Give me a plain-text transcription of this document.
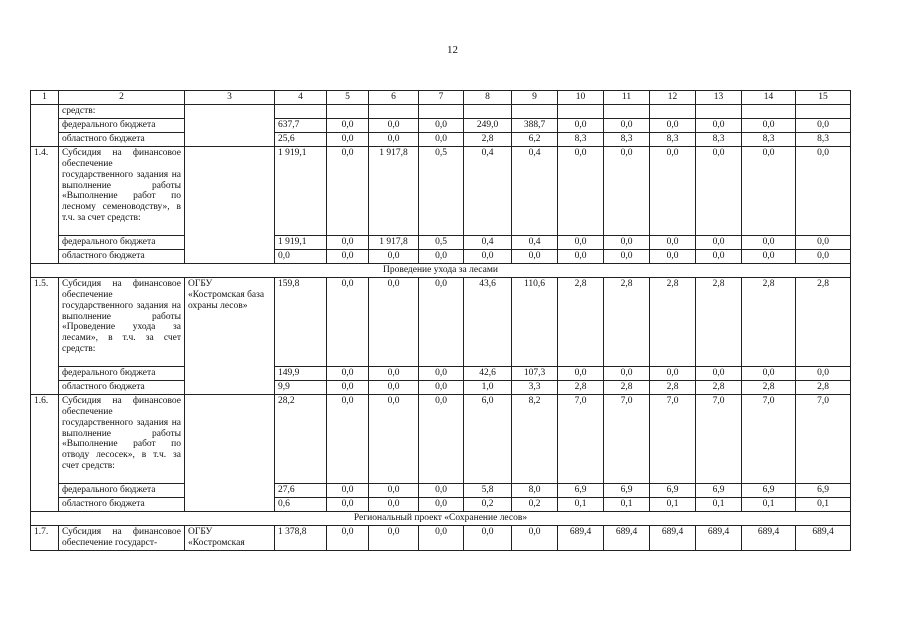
12
1	2	3	4	5	6	7	8	9	10	11	12	13	14	15
	средств:													
	федерального бюджета		637,7	0,0	0,0	0,0	249,0	388,7	0,0	0,0	0,0	0,0	0,0	0,0
	областного бюджета		25,6	0,0	0,0	0,0	2,8	6,2	8,3	8,3	8,3	8,3	8,3	8,3
1.4.	Субсидия на финансовое обеспечение государственного задания на выполнение работы «Выполнение работ по лесному семеноводству», в т.ч. за счет средств:		1 919,1	0,0	1 917,8	0,5	0,4	0,4	0,0	0,0	0,0	0,0	0,0	0,0
	федерального бюджета		1 919,1	0,0	1 917,8	0,5	0,4	0,4	0,0	0,0	0,0	0,0	0,0	0,0
	областного бюджета		0,0	0,0	0,0	0,0	0,0	0,0	0,0	0,0	0,0	0,0	0,0	0,0
Проведение ухода за лесами														
1.5.	Субсидия на финансовое обеспечение государственного задания на выполнение работы «Проведение ухода за лесами», в т.ч. за счет средств:	ОГБУ «Костромская база охраны лесов»	159,8	0,0	0,0	0,0	43,6	110,6	2,8	2,8	2,8	2,8	2,8	2,8
	федерального бюджета		149,9	0,0	0,0	0,0	42,6	107,3	0,0	0,0	0,0	0,0	0,0	0,0
	областного бюджета		9,9	0,0	0,0	0,0	1,0	3,3	2,8	2,8	2,8	2,8	2,8	2,8
1.6.	Субсидия на финансовое обеспечение государственного задания на выполнение работы «Выполнение работ по отводу лесосек», в т.ч. за счет средств:		28,2	0,0	0,0	0,0	6,0	8,2	7,0	7,0	7,0	7,0	7,0	7,0
	федерального бюджета		27,6	0,0	0,0	0,0	5,8	8,0	6,9	6,9	6,9	6,9	6,9	6,9
	областного бюджета		0,6	0,0	0,0	0,0	0,2	0,2	0,1	0,1	0,1	0,1	0,1	0,1
Региональный проект «Сохранение лесов»														
1.7.	Субсидия на финансовое обеспечение государст-	ОГБУ «Костромская	1 378,8	0,0	0,0	0,0	0,0	0,0	689,4	689,4	689,4	689,4	689,4	689,4
